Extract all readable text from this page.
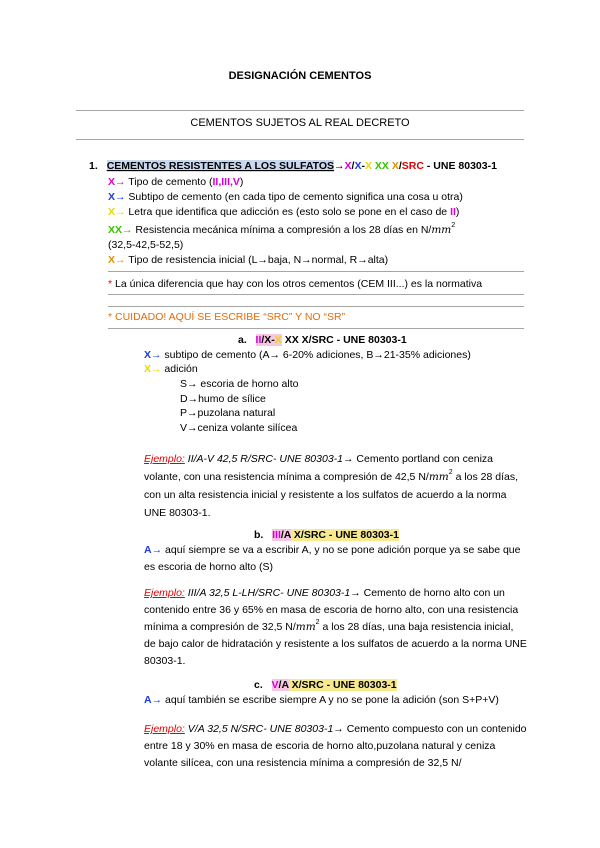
DESIGNACIÓN CEMENTOS
CEMENTOS SUJETOS AL REAL DECRETO
1. CEMENTOS RESISTENTES A LOS SULFATOS→X/X-X XX X/SRC - UNE 80303-1
X→ Tipo de cemento (II,III,V)
X→ Subtipo de cemento (en cada tipo de cemento significa una cosa u otra)
X→ Letra que identifica que adicción es (esto solo se pone en el caso de II)
XX→ Resistencia mecánica mínima a compresión a los 28 días en $N/mm^2$
(32,5-42,5-52,5)
X→ Tipo de resistencia inicial (L→baja, N→normal, R→alta)
* La única diferencia que hay con los otros cementos (CEM III...) es la normativa
* CUIDADO! AQUÍ SE ESCRIBE “SRC” Y NO “SR”
a. II/X-X XX X/SRC - UNE 80303-1
X→ subtipo de cemento (A→ 6-20% adiciones, B→21-35% adiciones)
X→ adición
S→ escoria de horno alto
D→humo de sílice
P→puzolana natural
V→ceniza volante silícea
Ejemplo: II/A-V 42,5 R/SRC- UNE 80303-1→ Cemento portland con ceniza volante, con una resistencia mínima a compresión de 42,5 $N/mm^2$ a los 28 días, con un alta resistencia inicial y resistente a los sulfatos de acuerdo a la norma UNE 80303-1.
b. III/A X/SRC - UNE 80303-1
A→ aquí siempre se va a escribir A, y no se pone adición porque ya se sabe que es escoria de horno alto (S)
Ejemplo: III/A 32,5 L-LH/SRC- UNE 80303-1→ Cemento de horno alto con un contenido entre 36 y 65% en masa de escoria de horno alto, con una resistencia mínima a compresión de 32,5 $N/mm^2$ a los 28 días, una baja resistencia inicial, de bajo calor de hidratación y resistente a los sulfatos de acuerdo a la norma UNE 80303-1.
c. V/A X/SRC - UNE 80303-1
A→ aquí también se escribe siempre A y no se pone la adición (son S+P+V)
Ejemplo: V/A 32,5 N/SRC- UNE 80303-1→ Cemento compuesto con un contenido entre 18 y 30% en masa de escoria de horno alto,puzolana natural y ceniza volante silícea, con una resistencia mínima a compresión de 32,5 N/
